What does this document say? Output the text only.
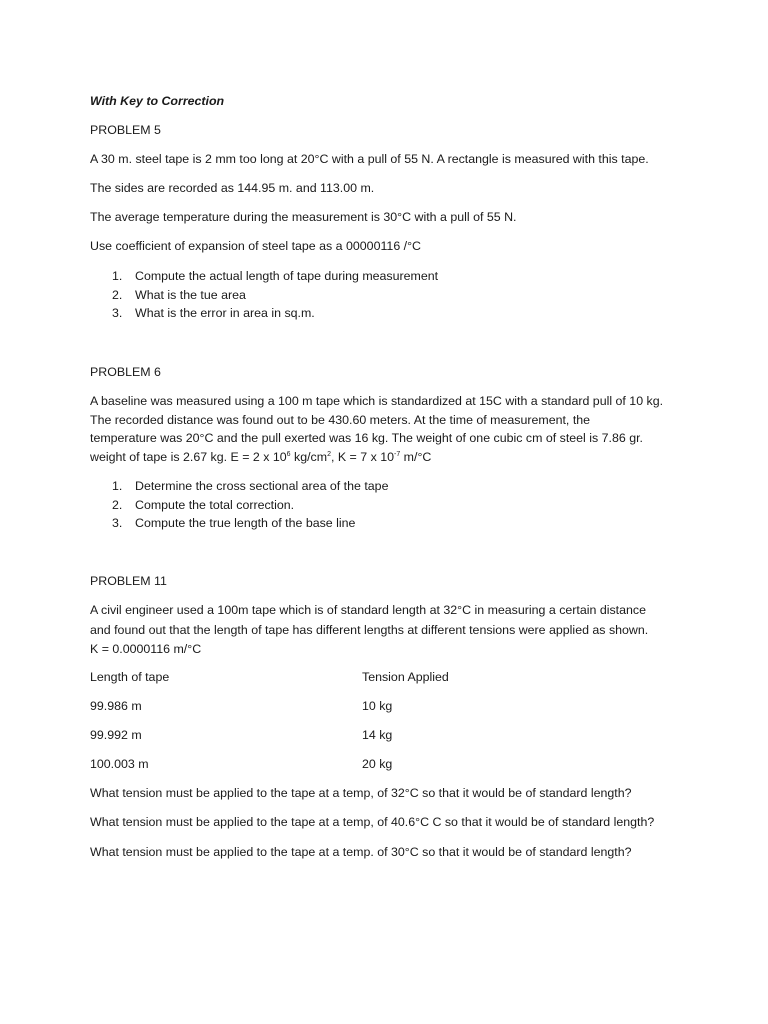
With Key to Correction
PROBLEM 5
A 30 m. steel tape is 2 mm too long at 20°C with a pull of 55 N. A rectangle is measured with this tape.
The sides are recorded as 144.95 m. and 113.00 m.
The average temperature during the measurement is 30°C with a pull of 55 N.
Use coefficient of expansion of steel tape as a 00000116 /°C
1. Compute the actual length of tape during measurement
2. What is the tue area
3. What is the error in area in sq.m.
PROBLEM 6
A baseline was measured using a 100 m tape which is standardized at 15C with a standard pull of 10 kg.
The recorded distance was found out to be 430.60 meters. At the time of measurement, the
temperature was 20°C and the pull exerted was 16 kg. The weight of one cubic cm of steel is 7.86 gr.
weight of tape is 2.67 kg. E = 2 x $10^6$ $kg/cm^2$, K = 7 x $10^{-7}$ m/°C
1. Determine the cross sectional area of the tape
2. Compute the total correction.
3. Compute the true length of the base line
PROBLEM 11
A civil engineer used a 100m tape which is of standard length at 32°C in measuring a certain distance
and found out that the length of tape has different lengths at different tensions were applied as shown.
K = 0.0000116 m/°C
Length of tape	Tension Applied
99.986 m	10 kg
99.992 m	14 kg
100.003 m	20 kg
What tension must be applied to the tape at a temp, of 32°C so that it would be of standard length?
What tension must be applied to the tape at a temp, of 40.6°C C so that it would be of standard length?
What tension must be applied to the tape at a temp. of 30°C so that it would be of standard length?
